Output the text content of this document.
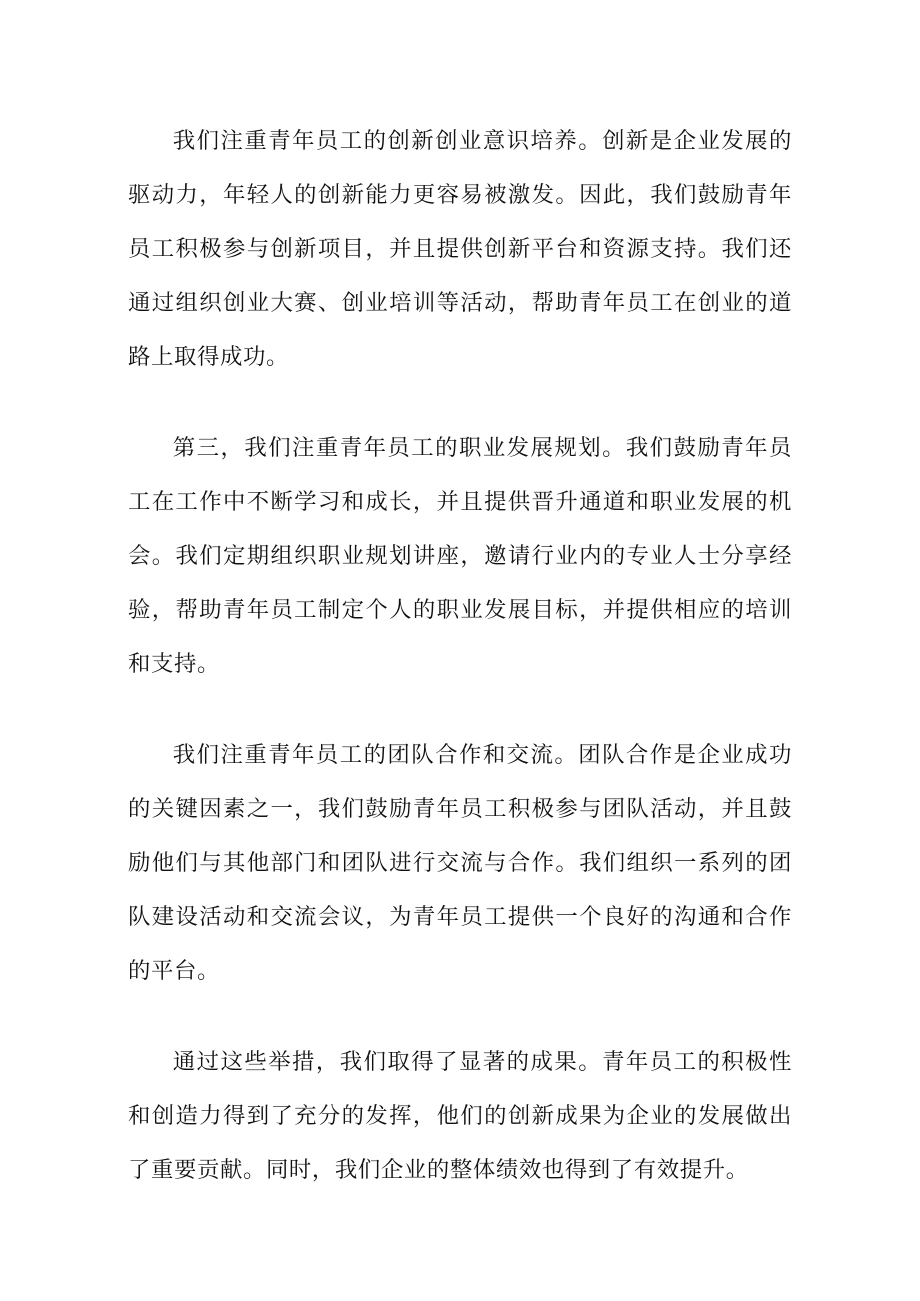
我们注重青年员工的创新创业意识培养。创新是企业发展的驱动力，年轻人的创新能力更容易被激发。因此，我们鼓励青年员工积极参与创新项目，并且提供创新平台和资源支持。我们还通过组织创业大赛、创业培训等活动，帮助青年员工在创业的道路上取得成功。

第三，我们注重青年员工的职业发展规划。我们鼓励青年员工在工作中不断学习和成长，并且提供晋升通道和职业发展的机会。我们定期组织职业规划讲座，邀请行业内的专业人士分享经验，帮助青年员工制定个人的职业发展目标，并提供相应的培训和支持。

我们注重青年员工的团队合作和交流。团队合作是企业成功的关键因素之一，我们鼓励青年员工积极参与团队活动，并且鼓励他们与其他部门和团队进行交流与合作。我们组织一系列的团队建设活动和交流会议，为青年员工提供一个良好的沟通和合作的平台。

通过这些举措，我们取得了显著的成果。青年员工的积极性和创造力得到了充分的发挥，他们的创新成果为企业的发展做出了重要贡献。同时，我们企业的整体绩效也得到了有效提升。
